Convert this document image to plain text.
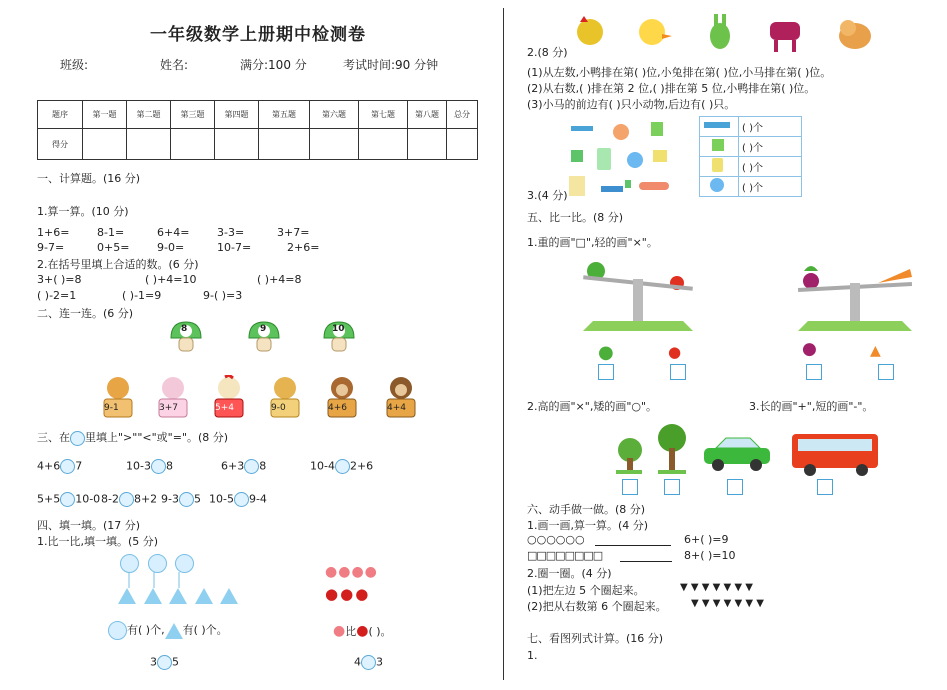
一年级数学上册期中检测卷
班级:	姓名:	满分:100 分	考试时间:90 分钟
题序	第一题	第二题	第三题	第四题	第五题	第六题	第七题	第八题	总分
得分									
一、计算题。(16 分)
1.算一算。(10 分)
1+6=	8-1=	6+4=	3-3=	3+7=
9-7=	0+5=	9-0=	10-7=	2+6=
2.在括号里填上合适的数。(6 分)
3+( )=8	( )+4=10	( )+4=8
( )-2=1	( )-1=9	9-( )=3
二、连一连。(6 分)
8	9	10
9-1	3+7	5+4	9-0	4+6	4+4
三、在 里填上">""<"或"="。(8 分)
4+6 7	10-3 8	6+3 8	10-4 2+6
5+5 10-0 8-2 8+2 9-3 5 10-5 9-4
四、填一填。(17 分)
1.比一比,填一填。(5 分)

●●●●
●●●
有( )个, 有( )个。	●比●( )。
3 5	4 3
2.(8 分)
(1)从左数,小鸭排在第( )位,小兔排在第( )位,小马排在第( )位。
(2)从右数,( )排在第 2 位,( )排在第 5 位,小鸭排在第( )位。
(3)小马的前边有( )只小动物,后边有( )只。
	( )个
	( )个
	( )个
	( )个
3.(4 分)
五、比一比。(8 分)
1.重的画"□",轻的画"×"。
●	●	●	▲
2.高的画"×",矮的画"○"。	3.长的画"+",短的画"-"。
六、动手做一做。(8 分)
1.画一画,算一算。(4 分)
○○○○○○	6+( )=9
□□□□□□□□	8+( )=10
2.圈一圈。(4 分)
(1)把左边 5 个圈起来。	▼ ▼ ▼ ▼ ▼ ▼ ▼
(2)把从右数第 6 个圈起来。 ▼ ▼ ▼ ▼ ▼ ▼ ▼
七、看图列式计算。(16 分)
1.
